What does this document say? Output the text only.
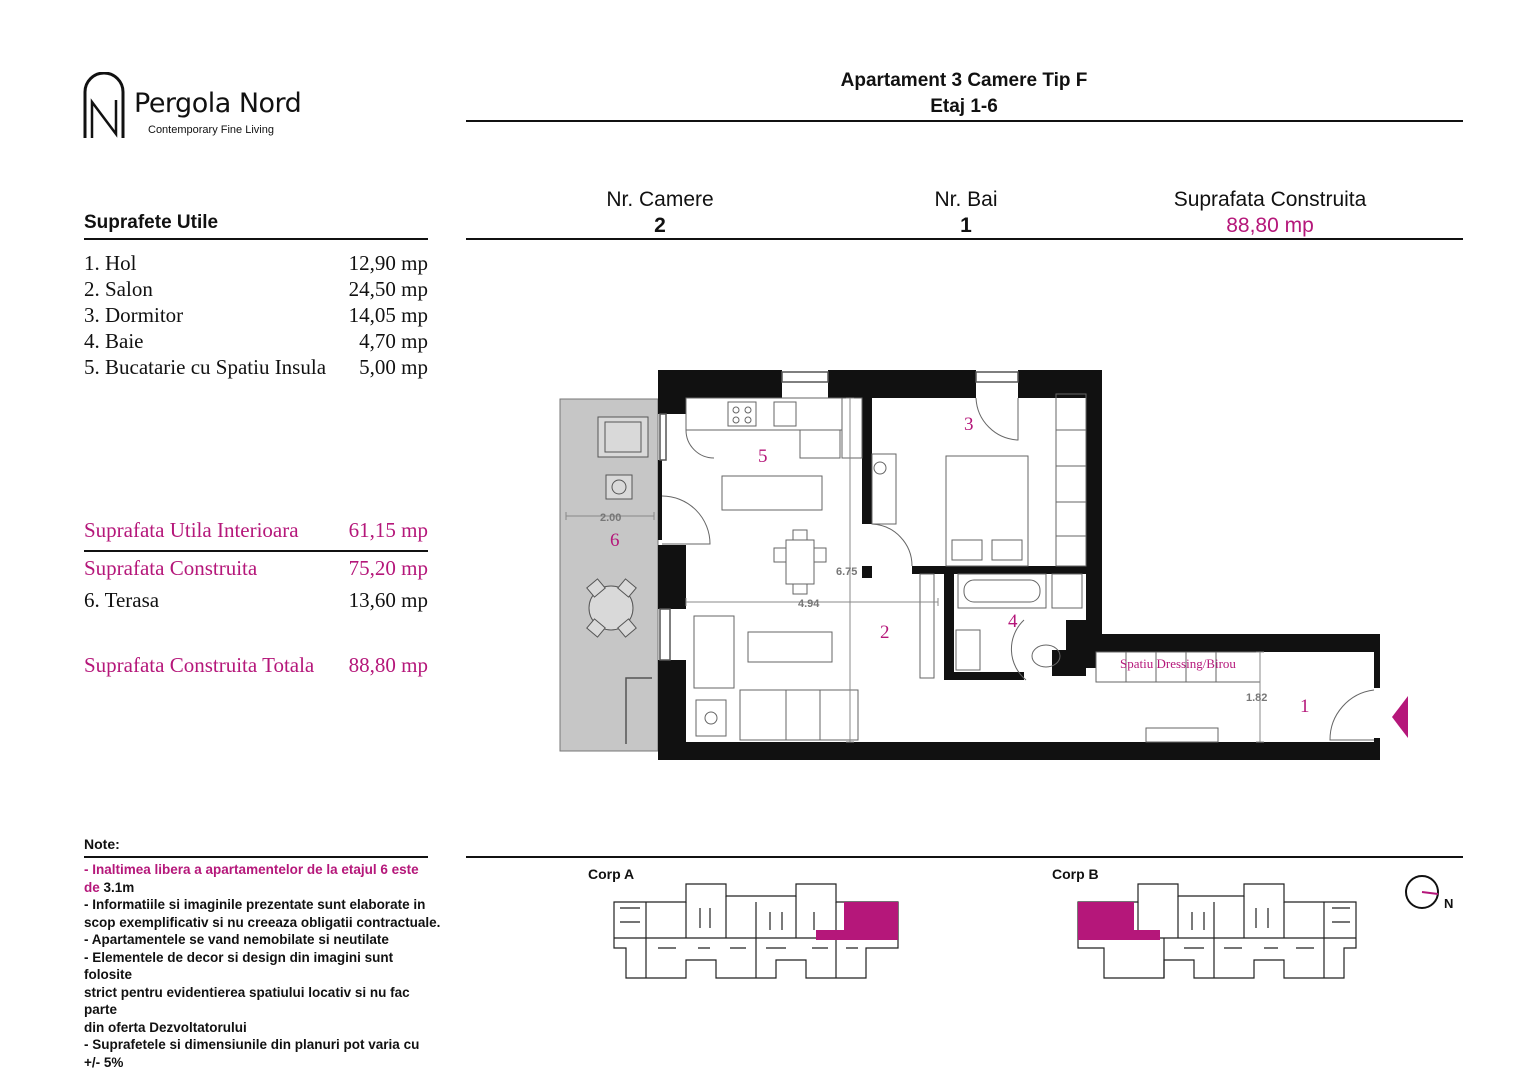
Pergola Nord
Contemporary Fine Living
Apartament 3 Camere Tip F
Etaj 1-6
Nr. Camere
2
Nr. Bai
1
Suprafata Construita
88,80 mp
Suprafete Utile
1. Hol	12,90 mp
2. Salon	24,50 mp
3. Dormitor	14,05 mp
4. Baie	4,70 mp
5. Bucatarie cu Spatiu Insula 5,00 mp
Suprafata Utila Interioara 61,15 mp
Suprafata Construita	75,20 mp
6. Terasa	13,60 mp
Suprafata Construita Totala 88,80 mp
2.00
6.75
4.94
1.82 1
2
3
4
5
6
Spatiu Dressing/Birou
Note:
- Inaltimea libera a apartamentelor de la etajul 6 este
de 3.1m
- Informatiile si imaginile prezentate sunt elaborate in
scop exemplificativ si nu creeaza obligatii contractuale.
- Apartamentele se vand nemobilate si neutilate
- Elementele de decor si design din imagini sunt folosite
strict pentru evidentierea spatiului locativ si nu fac parte
din oferta Dezvoltatorului
- Suprafetele si dimensiunile din planuri pot varia cu
+/- 5%
Corp A	Corp B
N
